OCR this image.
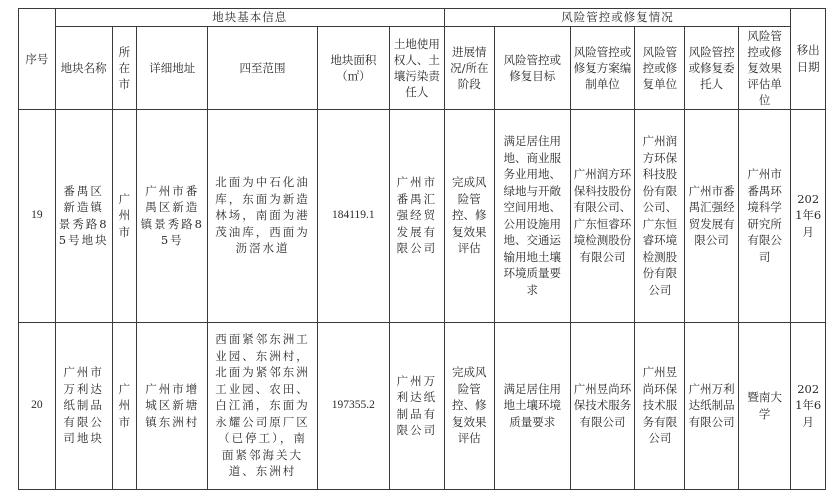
序号	地块基本信息						风险管控或修复情况						移出日期
	地块名称	所在市	详细地址	四至范围	地块面积（㎡）	土地使用权人、土壤污染责任人	进展情况/所在阶段	风险管控或修复目标	风险管控或修复方案编制单位	风险管控或修复单位	风险管控或修复委托人	风险管控或修复效果评估单位	
19	番禺区新造镇景秀路85号地块	广州市	广州市番禺区新造镇景秀路85号	北面为中石化油库，东面为新造林场，南面为港茂油库，西面为沥滘水道	184119.1	广州市番禺汇强经贸发展有限公司	完成风险管控、修复效果评估	满足居住用地、商业服务业用地、绿地与开敞空间用地、公用设施用地、交通运输用地土壤环境质量要求	广州润方环保科技股份有限公司、广东恒睿环境检测股份有限公司	广州润方环保科技股份有限公司、广东恒睿环境检测股份有限公司	广州市番禺汇强经贸发展有限公司	广州市番禺环境科学研究所有限公司	2021年6月
20	广州市万利达纸制品有限公司地块	广州市	广州市增城区新塘镇东洲村	西面紧邻东洲工业园、东洲村，北面为紧邻东洲工业园、农田、白江涌，东面为永耀公司原厂区（已停工），南面紧邻海关大道、东洲村	197355.2	广州万利达纸制品有限公司	完成风险管控、修复效果评估	满足居住用地土壤环境质量要求	广州昱尚环保技术服务有限公司	广州昱尚环保技术服务有限公司	广州万利达纸制品有限公司	暨南大学	2021年6月
